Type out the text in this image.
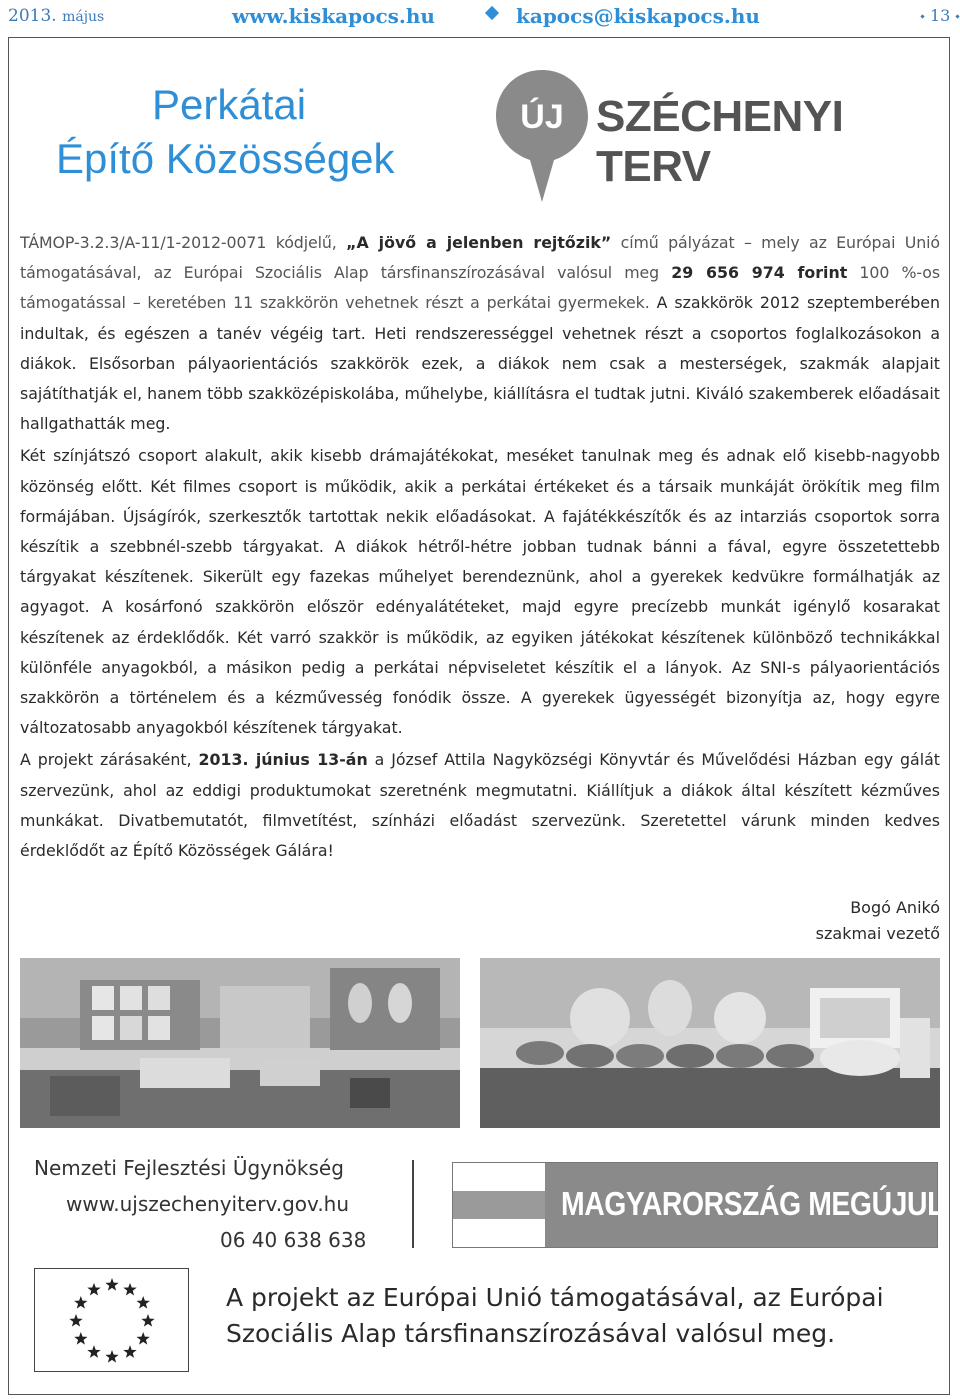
2013. május	www.kiskapocs.hu	kapocs@kiskapocs.hu	13
Perkátai
Építő Közösségek
ÚJ SZÉCHENYI TERV

TÁMOP-3.2.3/A-11/1-2012-0071 kódjelű, „A jövő a jelenben rejtőzik” című pályázat – mely az Európai Unió támogatásával, az Európai Szociális Alap társfinanszírozásával valósul meg 29 656 974 forint 100 %-os támogatással – keretében 11 szakkörön vehetnek részt a perkátai gyermekek. A szakkörök 2012 szeptemberében indultak, és egészen a tanév végéig tart. Heti rendszerességgel vehetnek részt a csoportos foglalkozásokon a diákok. Elsősorban pályaorientációs szakkörök ezek, a diákok nem csak a mesterségek, szakmák alapjait sajátíthatják el, hanem több szakközépiskolába, műhelybe, kiállításra el tudtak jutni. Kiváló szakemberek előadásait hallgathatták meg.

Két színjátszó csoport alakult, akik kisebb drámajátékokat, meséket tanulnak meg és adnak elő kisebb-nagyobb közönség előtt. Két filmes csoport is működik, akik a perkátai értékeket és a társaik munkáját örökítik meg film formájában. Újságírók, szerkesztők tartottak nekik előadásokat. A fajátékkészítők és az intarziás csoportok sorra készítik a szebbnél-szebb tárgyakat. A diákok hétről-hétre jobban tudnak bánni a fával, egyre összetettebb tárgyakat készítenek. Sikerült egy fazekas műhelyet berendeznünk, ahol a gyerekek kedvükre formálhatják az agyagot. A kosárfonó szakkörön először edényalátéteket, majd egyre precízebb munkát igénylő kosarakat készítenek az érdeklődők. Két varró szakkör is működik, az egyiken játékokat készítenek különböző technikákkal különféle anyagokból, a másikon pedig a perkátai népviseletet készítik el a lányok. Az SNI-s pályaorientációs szakkörön a történelem és a kézművesség fonódik össze. A gyerekek ügyességét bizonyítja az, hogy egyre változatosabb anyagokból készítenek tárgyakat.

A projekt zárásaként, 2013. június 13-án a József Attila Nagyközségi Könyvtár és Művelődési Házban egy gálát szervezünk, ahol az eddigi produktumokat szeretnénk megmutatni. Kiállítjuk a diákok által készített kézműves munkákat. Divatbemutatót, filmvetítést, színházi előadást szervezünk. Szeretettel várunk minden kedves érdeklődőt az Építő Közösségek Gálára!

Bogó Anikó
szakmai vezető
Nemzeti Fejlesztési Ügynökség
www.ujszechenyiterv.gov.hu
06 40 638 638
MAGYARORSZÁG MEGÚJUL
A projekt az Európai Unió támogatásával, az Európai
Szociális Alap társfinanszírozásával valósul meg.
